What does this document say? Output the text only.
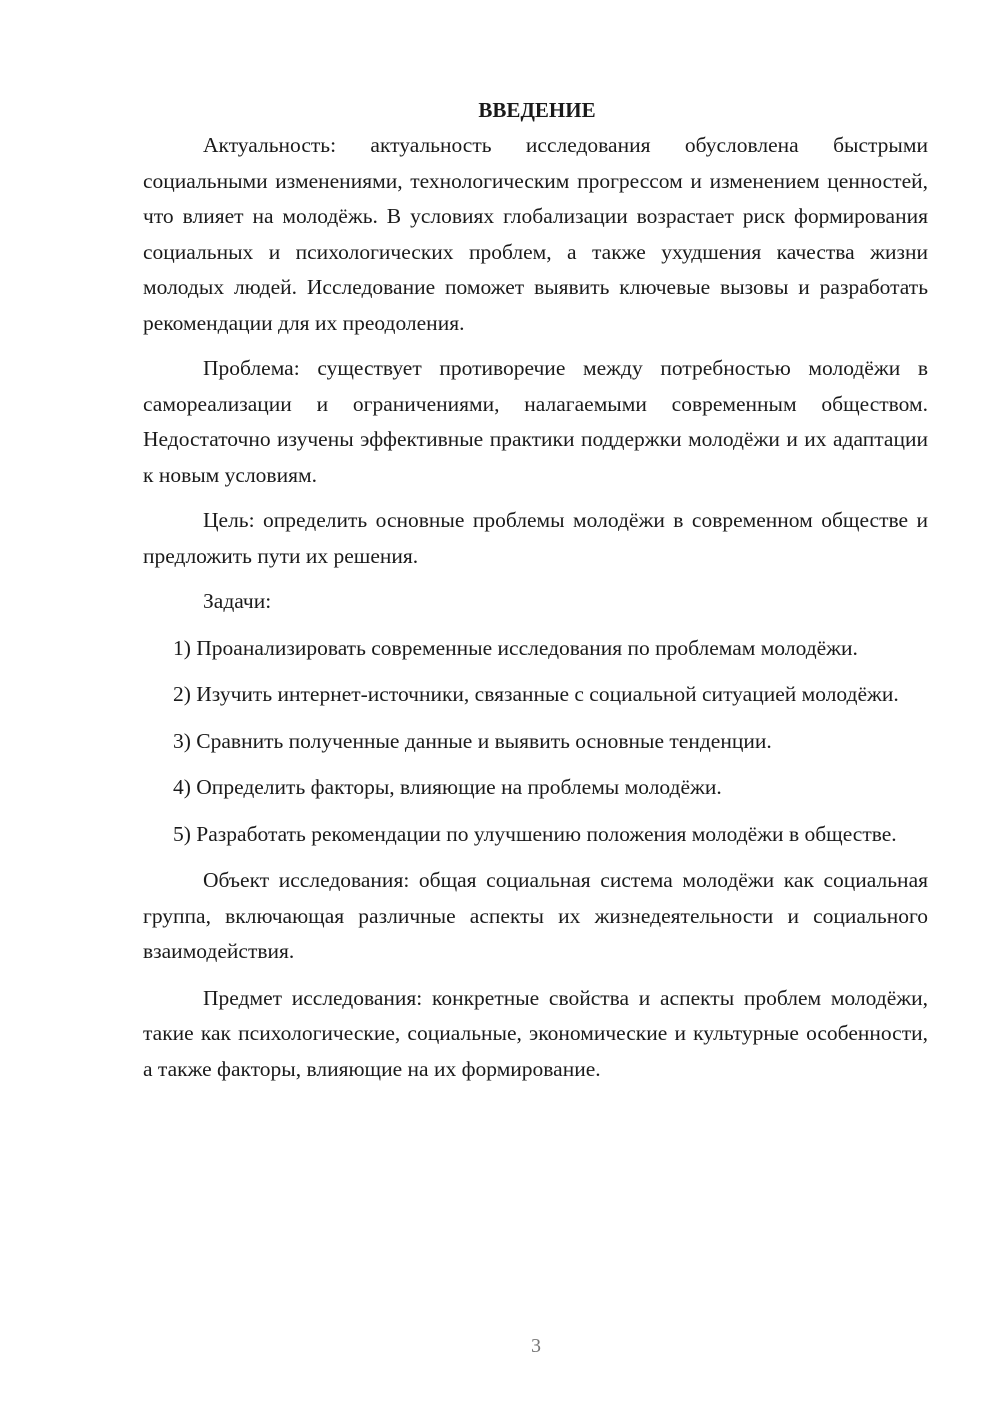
ВВЕДЕНИЕ

Актуальность: актуальность исследования обусловлена быстрыми социальными изменениями, технологическим прогрессом и изменением ценностей, что влияет на молодёжь. В условиях глобализации возрастает риск формирования социальных и психологических проблем, а также ухудшения качества жизни молодых людей. Исследование поможет выявить ключевые вызовы и разработать рекомендации для их преодоления.

Проблема: существует противоречие между потребностью молодёжи в самореализации и ограничениями, налагаемыми современным обществом. Недостаточно изучены эффективные практики поддержки молодёжи и их адаптации к новым условиям.

Цель: определить основные проблемы молодёжи в современном обществе и предложить пути их решения.

Задачи:

1) Проанализировать современные исследования по проблемам молодёжи.

2) Изучить интернет-источники, связанные с социальной ситуацией молодёжи.

3) Сравнить полученные данные и выявить основные тенденции.

4) Определить факторы, влияющие на проблемы молодёжи.

5) Разработать рекомендации по улучшению положения молодёжи в обществе.

Объект исследования: общая социальная система молодёжи как социальная группа, включающая различные аспекты их жизнедеятельности и социального взаимодействия.

Предмет исследования: конкретные свойства и аспекты проблем молодёжи, такие как психологические, социальные, экономические и культурные особенности, а также факторы, влияющие на их формирование.

3
